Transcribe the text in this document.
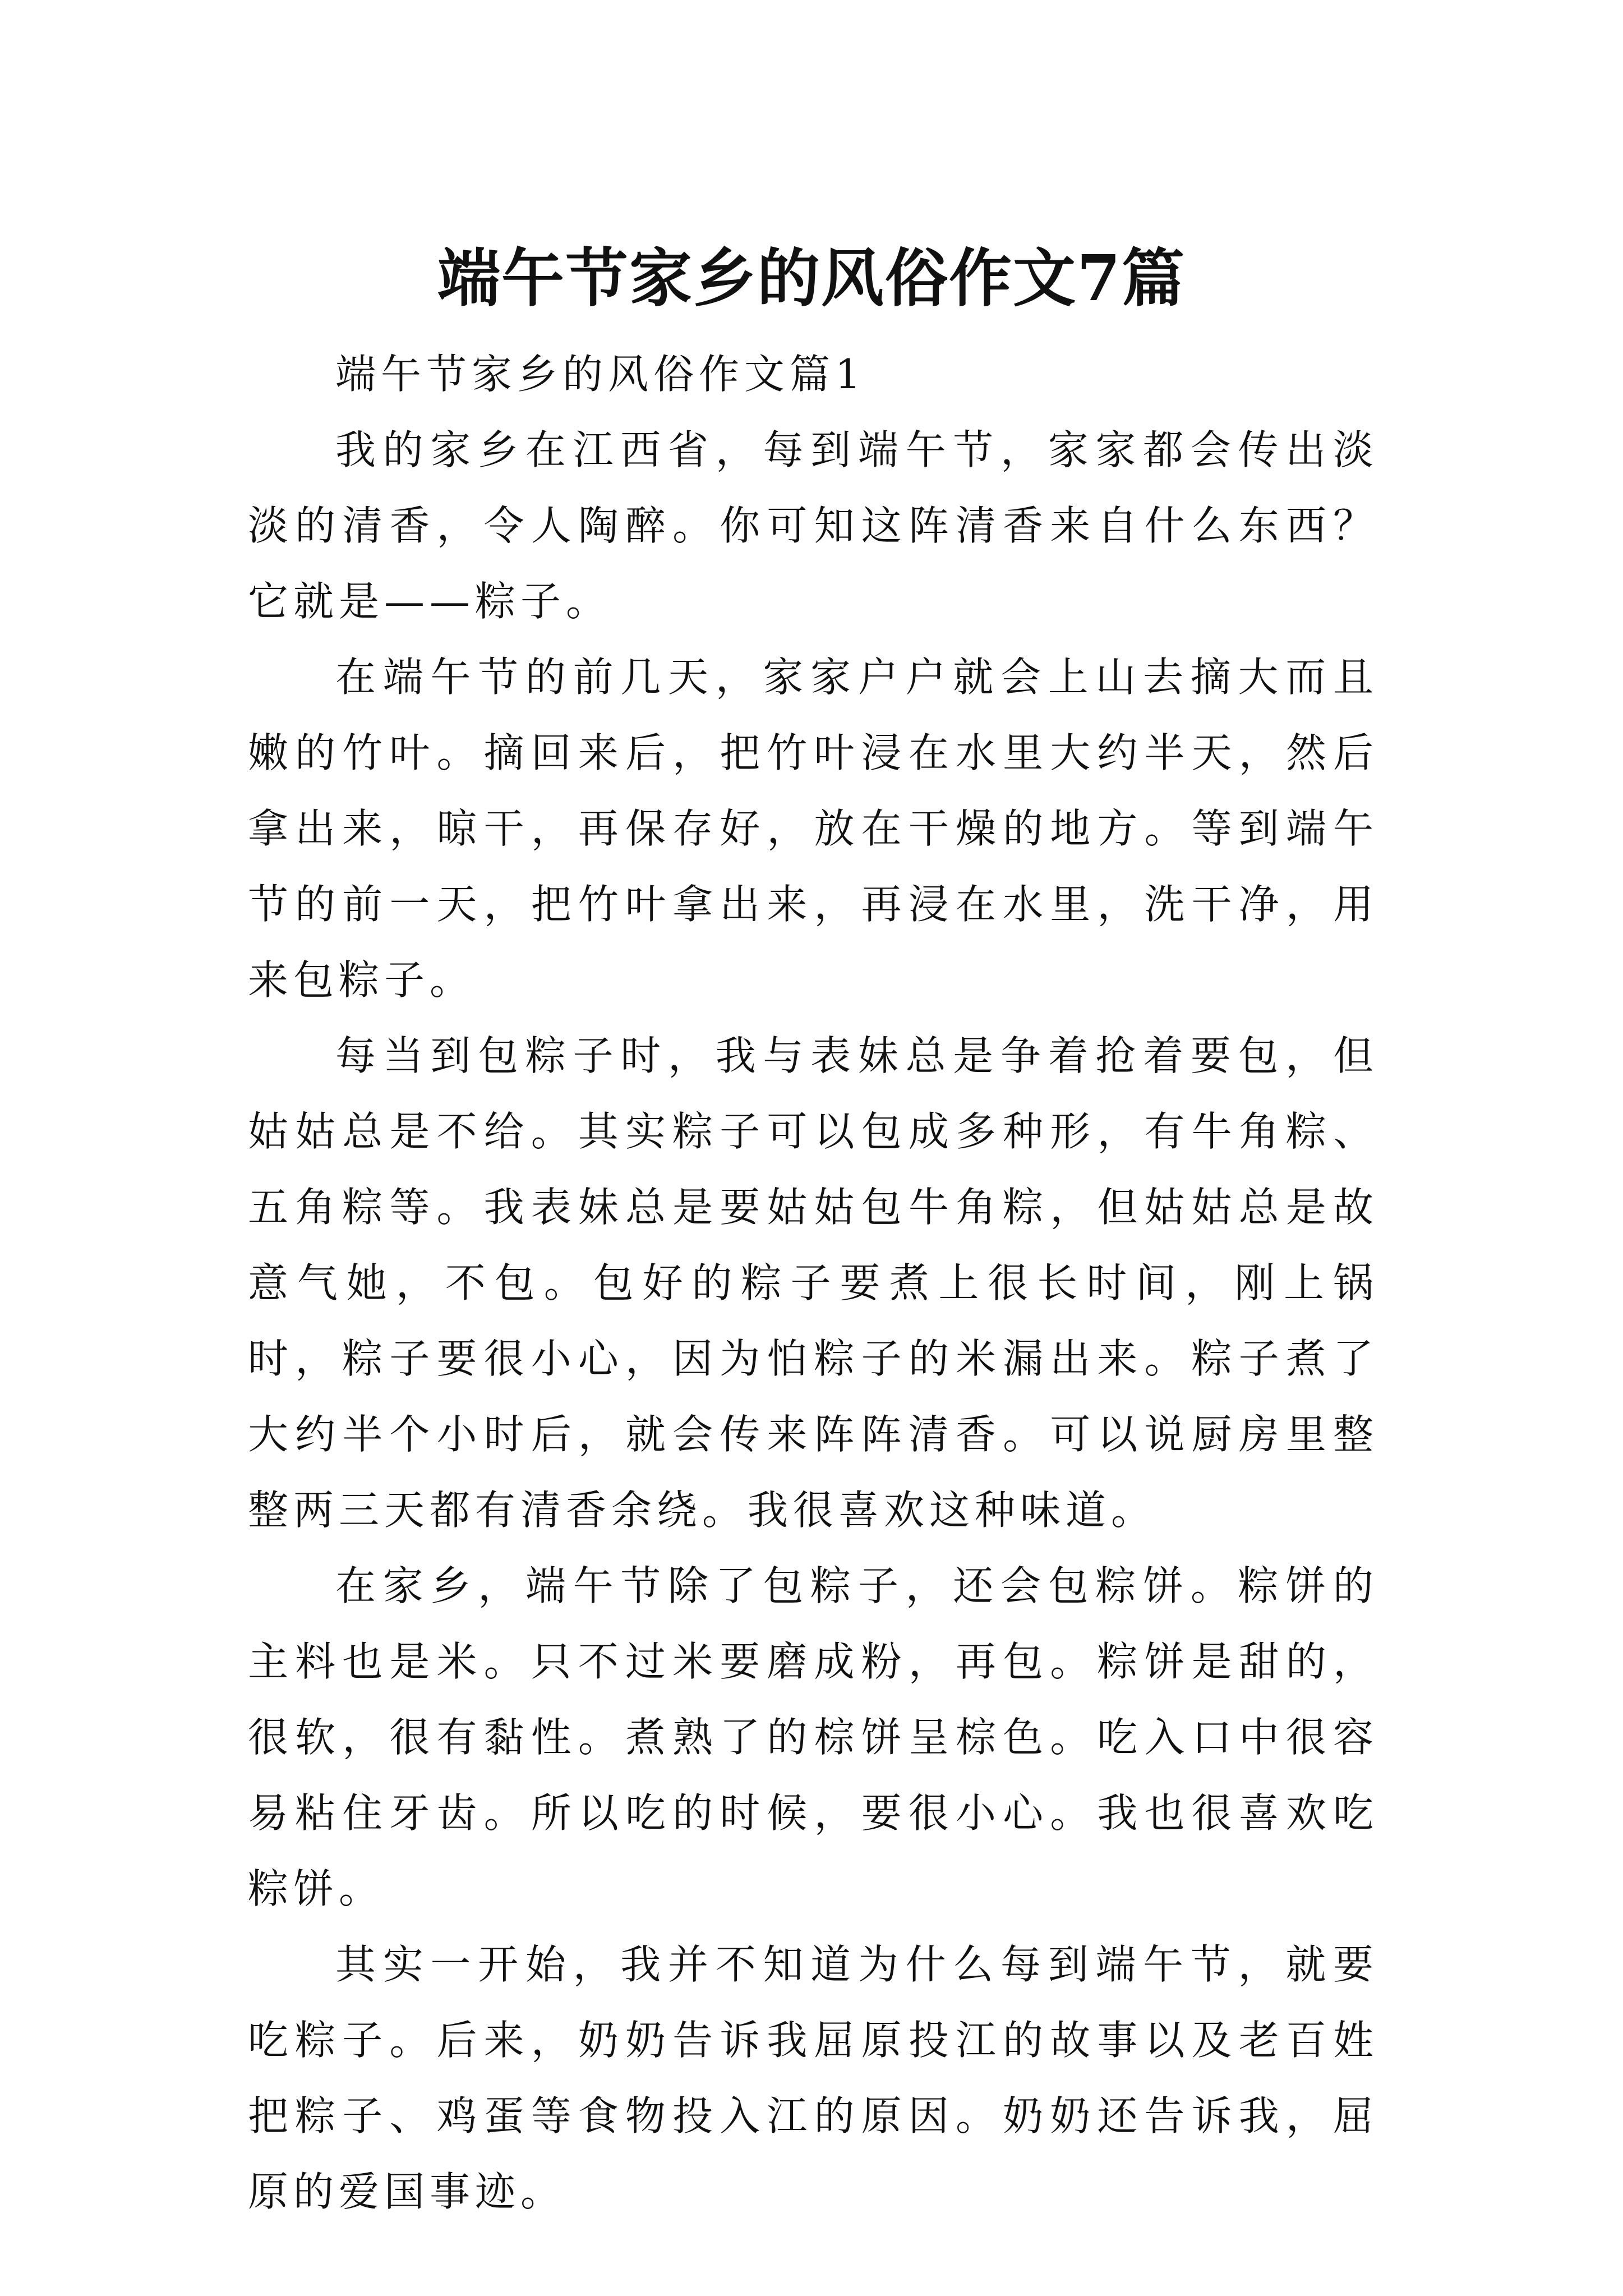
端午节家乡的风俗作文7篇

端午节家乡的风俗作文篇1

我的家乡在江西省，每到端午节，家家都会传出淡淡的清香，令人陶醉。你可知这阵清香来自什么东西？它就是——粽子。

在端午节的前几天，家家户户就会上山去摘大而且嫩的竹叶。摘回来后，把竹叶浸在水里大约半天，然后拿出来，晾干，再保存好，放在干燥的地方。等到端午节的前一天，把竹叶拿出来，再浸在水里，洗干净，用来包粽子。

每当到包粽子时，我与表妹总是争着抢着要包，但姑姑总是不给。其实粽子可以包成多种形，有牛角粽、五角粽等。我表妹总是要姑姑包牛角粽，但姑姑总是故意气她，不包。包好的粽子要煮上很长时间，刚上锅时，粽子要很小心，因为怕粽子的米漏出来。粽子煮了大约半个小时后，就会传来阵阵清香。可以说厨房里整整两三天都有清香余绕。我很喜欢这种味道。

在家乡，端午节除了包粽子，还会包粽饼。粽饼的主料也是米。只不过米要磨成粉，再包。粽饼是甜的，很软，很有黏性。煮熟了的棕饼呈棕色。吃入口中很容易粘住牙齿。所以吃的时候，要很小心。我也很喜欢吃粽饼。

其实一开始，我并不知道为什么每到端午节，就要吃粽子。后来，奶奶告诉我屈原投江的故事以及老百姓把粽子、鸡蛋等食物投入江的原因。奶奶还告诉我，屈原的爱国事迹。
